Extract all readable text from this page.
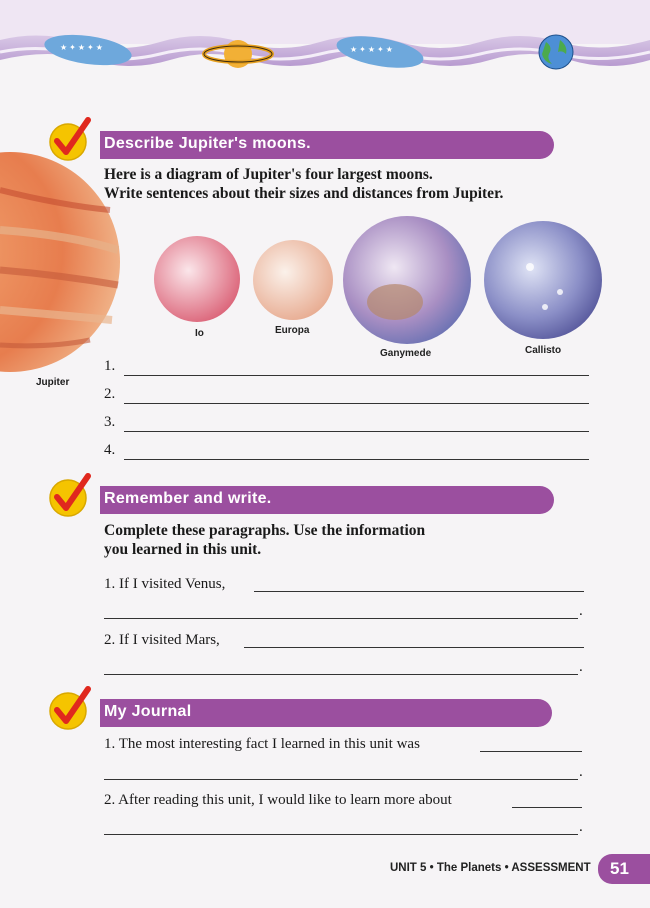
★ ✦ ★ ✦ ★	★ ✦ ★ ✦ ★
Jupiter
Describe Jupiter's moons.
Here is a diagram of Jupiter's four largest moons.
Write sentences about their sizes and distances from Jupiter.
Io	Europa
Ganymede	Callisto
1.
2.
3.
4.
Remember and write.
Complete these paragraphs. Use the information
you learned in this unit.
1. If I visited Venus,
.
2. If I visited Mars,
.
My Journal
1. The most interesting fact I learned in this unit was
.
2. After reading this unit, I would like to learn more about
.
UNIT 5 • The Planets • ASSESSMENT	51
